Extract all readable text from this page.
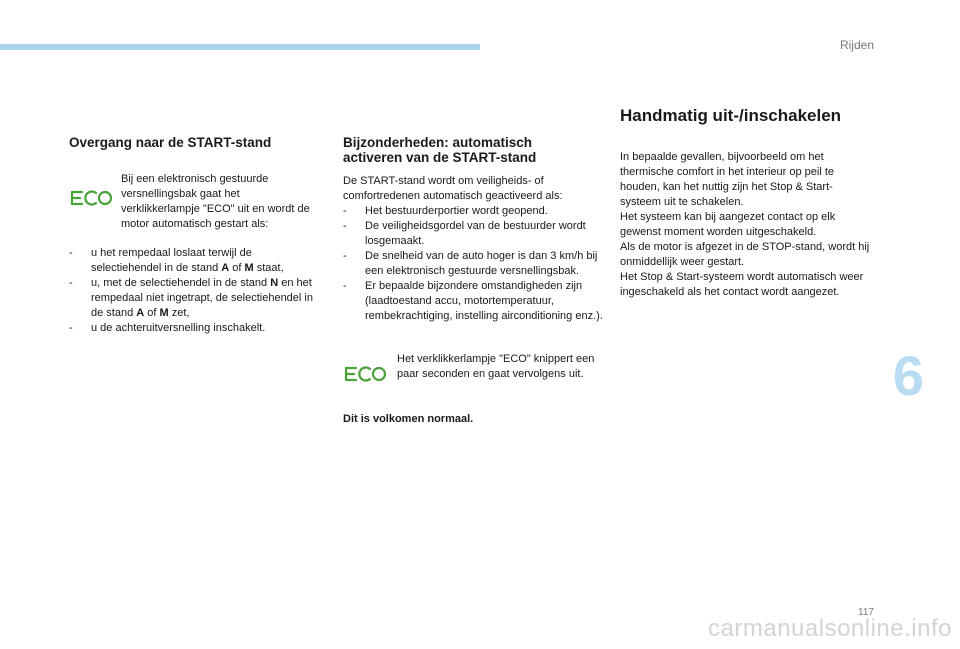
Rijden
6
Overgang naar de START-stand

Bij een elektronisch gestuurde versnellingsbak gaat het verklikkerlampje "ECO" uit en wordt de motor automatisch gestart als:

- u het rempedaal loslaat terwijl de selectiehendel in de stand A of M staat,
- u, met de selectiehendel in de stand N en het rempedaal niet ingetrapt, de selectiehendel in de stand A of M zet,
- u de achteruitversnelling inschakelt.
Bijzonderheden: automatisch
activeren van de START-stand

De START-stand wordt om veiligheids- of comfortredenen automatisch geactiveerd als:

- Het bestuurderportier wordt geopend.
- De veiligheidsgordel van de bestuurder wordt losgemaakt.
- De snelheid van de auto hoger is dan 3 km/h bij een elektronisch gestuurde versnellingsbak.
- Er bepaalde bijzondere omstandigheden zijn (laadtoestand accu, motortemperatuur, rembekrachtiging, instelling airconditioning enz.).

Het verklikkerlampje "ECO" knippert een paar seconden en gaat vervolgens uit.

Dit is volkomen normaal.

Handmatig uit-/inschakelen

In bepaalde gevallen, bijvoorbeeld om het thermische comfort in het interieur op peil te houden, kan het nuttig zijn het Stop & Start-systeem uit te schakelen.

Het systeem kan bij aangezet contact op elk gewenst moment worden uitgeschakeld.

Als de motor is afgezet in de STOP-stand, wordt hij onmiddellijk weer gestart.

Het Stop & Start-systeem wordt automatisch weer ingeschakeld als het contact wordt aangezet.

117
carmanualsonline.info
